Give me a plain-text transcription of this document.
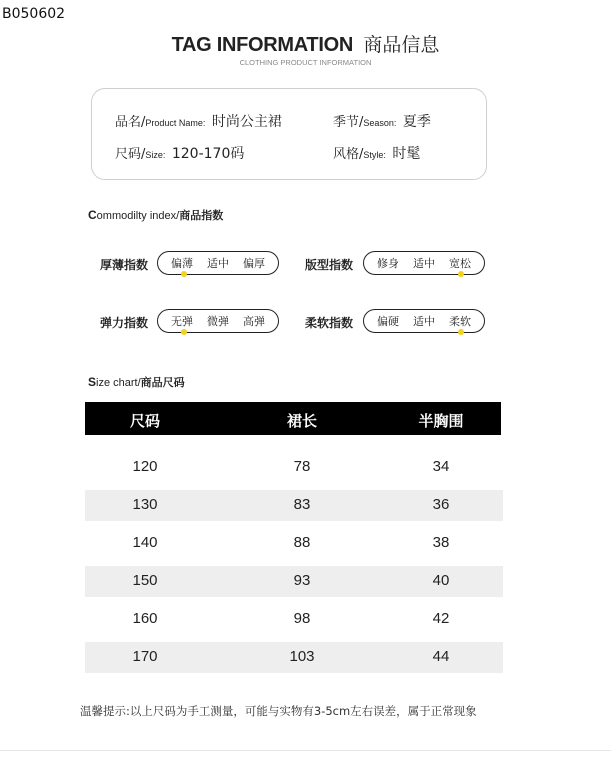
B050602
TAG INFORMATION 商品信息
CLOTHING PRODUCT INFORMATION
品名/Product Name: 时尚公主裙	季节/Season: 夏季
尺码/Size: 120-170码	风格/Style: 时髦
Commodilty index/商品指数
厚薄指数 偏薄 适中 偏厚	版型指数 修身 适中 宽松
弹力指数 无弹 微弹 高弹	柔软指数 偏硬 适中 柔软
Size chart/商品尺码
尺码	裙长	半胸围
120	78	34
130	83	36
140	88	38
150	93	40
160	98	42
170	103	44
温馨提示:以上尺码为手工测量，可能与实物有3-5cm左右误差，属于正常现象
